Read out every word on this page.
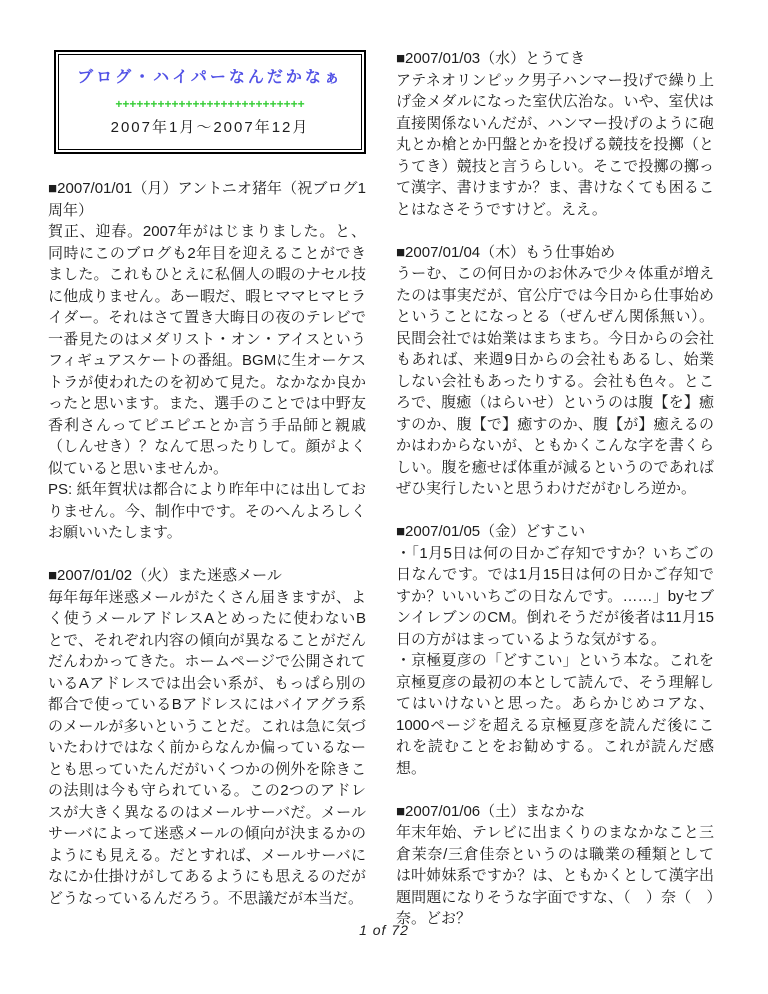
ブログ・ハイパーなんだかなぁ
+++++++++++++++++++++++++++
2007年1月〜2007年12月
■2007/01/01（月）アントニオ猪年（祝ブログ1周年）

賀正、迎春。2007年がはじまりました。と、同時にこのブログも2年目を迎えることができました。これもひとえに私個人の暇のナセル技に他成りません。あー暇だ、暇ヒママヒマヒライダー。それはさて置き大晦日の夜のテレビで一番見たのはメダリスト・オン・アイスというフィギュアスケートの番組。BGMに生オーケストラが使われたのを初めて見た。なかなか良かったと思います。また、選手のことでは中野友香利さんってピエピエとか言う手品師と親戚（しんせき）？なんて思ったりして。顔がよく似ていると思いませんか。

PS: 紙年賀状は都合により昨年中には出しておりません。今、制作中です。そのへんよろしくお願いいたします。

■2007/01/02（火）また迷惑メール

毎年毎年迷惑メールがたくさん届きますが、よく使うメールアドレスAとめったに使わないBとで、それぞれ内容の傾向が異なることがだんだんわかってきた。ホームページで公開されているAアドレスでは出会い系が、もっぱら別の都合で使っているBアドレスにはバイアグラ系のメールが多いということだ。これは急に気づいたわけではなく前からなんか偏っているなーとも思っていたんだがいくつかの例外を除きこの法則は今も守られている。この2つのアドレスが大きく異なるのはメールサーバだ。メールサーバによって迷惑メールの傾向が決まるかのようにも見える。だとすれば、メールサーバになにか仕掛けがしてあるようにも思えるのだがどうなっているんだろう。不思議だが本当だ。

■2007/01/03（水）とうてき

アテネオリンピック男子ハンマー投げで繰り上げ金メダルになった室伏広治な。いや、室伏は直接関係ないんだが、ハンマー投げのように砲丸とか槍とか円盤とかを投げる競技を投擲（とうてき）競技と言うらしい。そこで投擲の擲って漢字、書けますか？ま、書けなくても困ることはなさそうですけど。ええ。

■2007/01/04（木）もう仕事始め

うーむ、この何日かのお休みで少々体重が増えたのは事実だが、官公庁では今日から仕事始めということになっとる（ぜんぜん関係無い）。民間会社では始業はまちまち。今日からの会社もあれば、来週9日からの会社もあるし、始業しない会社もあったりする。会社も色々。ところで、腹癒（はらいせ）というのは腹【を】癒すのか、腹【で】癒すのか、腹【が】癒えるのかはわからないが、ともかくこんな字を書くらしい。腹を癒せば体重が減るというのであればぜひ実行したいと思うわけだがむしろ逆か。

■2007/01/05（金）どすこい

・「1月5日は何の日かご存知ですか？いちごの日なんです。では1月15日は何の日かご存知ですか？いいいちごの日なんです。……」byセブンイレブンのCM。倒れそうだが後者は11月15日の方がはまっているような気がする。

・京極夏彦の「どすこい」という本な。これを京極夏彦の最初の本として読んで、そう理解してはいけないと思った。あらかじめコアな、1000ページを超える京極夏彦を読んだ後にこれを読むことをお勧めする。これが読んだ感想。

■2007/01/06（土）まなかな

年末年始、テレビに出まくりのまなかなこと三倉茉奈/三倉佳奈というのは職業の種類としては叶姉妹系ですか？は、ともかくとして漢字出題問題になりそうな字面ですな、（　）奈（　）奈。どお？

1 of 72
